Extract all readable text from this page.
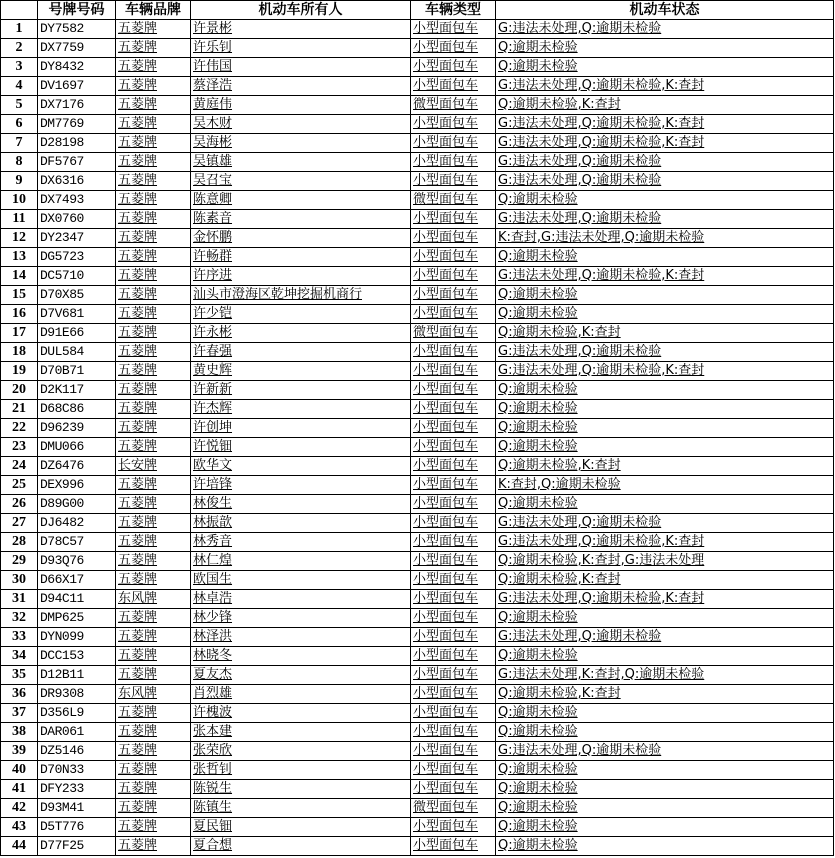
	号牌号码	车辆品牌	机动车所有人	车辆类型	机动车状态
1	DY7582	五菱牌	许景彬	小型面包车	G:违法未处理,Q:逾期未检验
2	DX7759	五菱牌	许乐钊	小型面包车	Q:逾期未检验
3	DY8432	五菱牌	许伟国	小型面包车	Q:逾期未检验
4	DV1697	五菱牌	蔡泽浩	小型面包车	G:违法未处理,Q:逾期未检验,K:查封
5	DX7176	五菱牌	黄庭伟	微型面包车	Q:逾期未检验,K:查封
6	DM7769	五菱牌	吴木财	小型面包车	G:违法未处理,Q:逾期未检验,K:查封
7	D28198	五菱牌	吴海彬	小型面包车	G:违法未处理,Q:逾期未检验,K:查封
8	DF5767	五菱牌	吴镇雄	小型面包车	G:违法未处理,Q:逾期未检验
9	DX6316	五菱牌	吴召宝	小型面包车	G:违法未处理,Q:逾期未检验
10	DX7493	五菱牌	陈意卿	微型面包车	Q:逾期未检验
11	DX0760	五菱牌	陈素音	小型面包车	G:违法未处理,Q:逾期未检验
12	DY2347	五菱牌	金怀鹏	小型面包车	K:查封,G:违法未处理,Q:逾期未检验
13	DG5723	五菱牌	许畅群	小型面包车	Q:逾期未检验
14	DC5710	五菱牌	许序进	小型面包车	G:违法未处理,Q:逾期未检验,K:查封
15	D70X85	五菱牌	汕头市澄海区乾坤挖掘机商行	小型面包车	Q:逾期未检验
16	D7V681	五菱牌	许少铠	小型面包车	Q:逾期未检验
17	D91E66	五菱牌	许永彬	微型面包车	Q:逾期未检验,K:查封
18	DUL584	五菱牌	许春强	小型面包车	G:违法未处理,Q:逾期未检验
19	D70B71	五菱牌	黄史辉	小型面包车	G:违法未处理,Q:逾期未检验,K:查封
20	D2K117	五菱牌	许新新	小型面包车	Q:逾期未检验
21	D68C86	五菱牌	许杰辉	小型面包车	Q:逾期未检验
22	D96239	五菱牌	许创坤	小型面包车	Q:逾期未检验
23	DMU066	五菱牌	许悦钿	小型面包车	Q:逾期未检验
24	DZ6476	长安牌	欧华文	小型面包车	Q:逾期未检验,K:查封
25	DEX996	五菱牌	许培锋	小型面包车	K:查封,Q:逾期未检验
26	D89G00	五菱牌	林俊生	小型面包车	Q:逾期未检验
27	DJ6482	五菱牌	林振歆	小型面包车	G:违法未处理,Q:逾期未检验
28	D78C57	五菱牌	林秀音	小型面包车	G:违法未处理,Q:逾期未检验,K:查封
29	D93Q76	五菱牌	林仁煌	小型面包车	Q:逾期未检验,K:查封,G:违法未处理
30	D66X17	五菱牌	欧国生	小型面包车	Q:逾期未检验,K:查封
31	D94C11	东风牌	林卓浩	小型面包车	G:违法未处理,Q:逾期未检验,K:查封
32	DMP625	五菱牌	林少锋	小型面包车	Q:逾期未检验
33	DYN099	五菱牌	林泽洪	小型面包车	G:违法未处理,Q:逾期未检验
34	DCC153	五菱牌	林晓冬	小型面包车	Q:逾期未检验
35	D12B11	五菱牌	夏友杰	小型面包车	G:违法未处理,K:查封,Q:逾期未检验
36	DR9308	东风牌	肖烈雄	小型面包车	Q:逾期未检验,K:查封
37	D356L9	五菱牌	许槐波	小型面包车	Q:逾期未检验
38	DAR061	五菱牌	张本建	小型面包车	Q:逾期未检验
39	DZ5146	五菱牌	张荣欣	小型面包车	G:违法未处理,Q:逾期未检验
40	D70N33	五菱牌	张哲钊	小型面包车	Q:逾期未检验
41	DFY233	五菱牌	陈锐生	小型面包车	Q:逾期未检验
42	D93M41	五菱牌	陈镇生	微型面包车	Q:逾期未检验
43	D5T776	五菱牌	夏民钿	小型面包车	Q:逾期未检验
44	D77F25	五菱牌	夏合想	小型面包车	Q:逾期未检验
